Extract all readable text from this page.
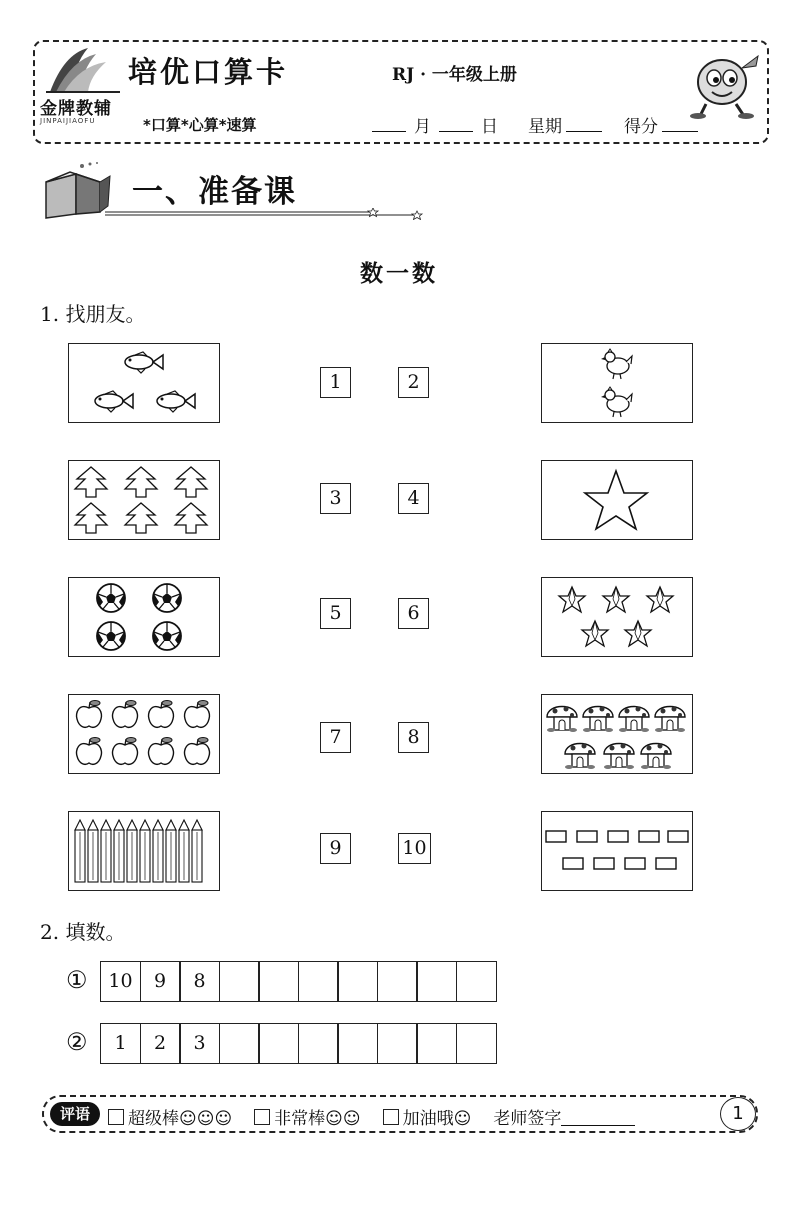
金牌教辅
JINPAIJIAOFU
培优口算卡
*口算*心算*速算
RJ · 一年级上册
月	日 星期	得分
一、准备课
数一数
1. 找朋友。
1	2
3	4
5	6
7	8
9	10
2. 填数。
①	10	9	8
②	1	2	3
评语	超级棒☺☺☺ 非常棒☺☺ 加油哦☺ 老师签字	1
